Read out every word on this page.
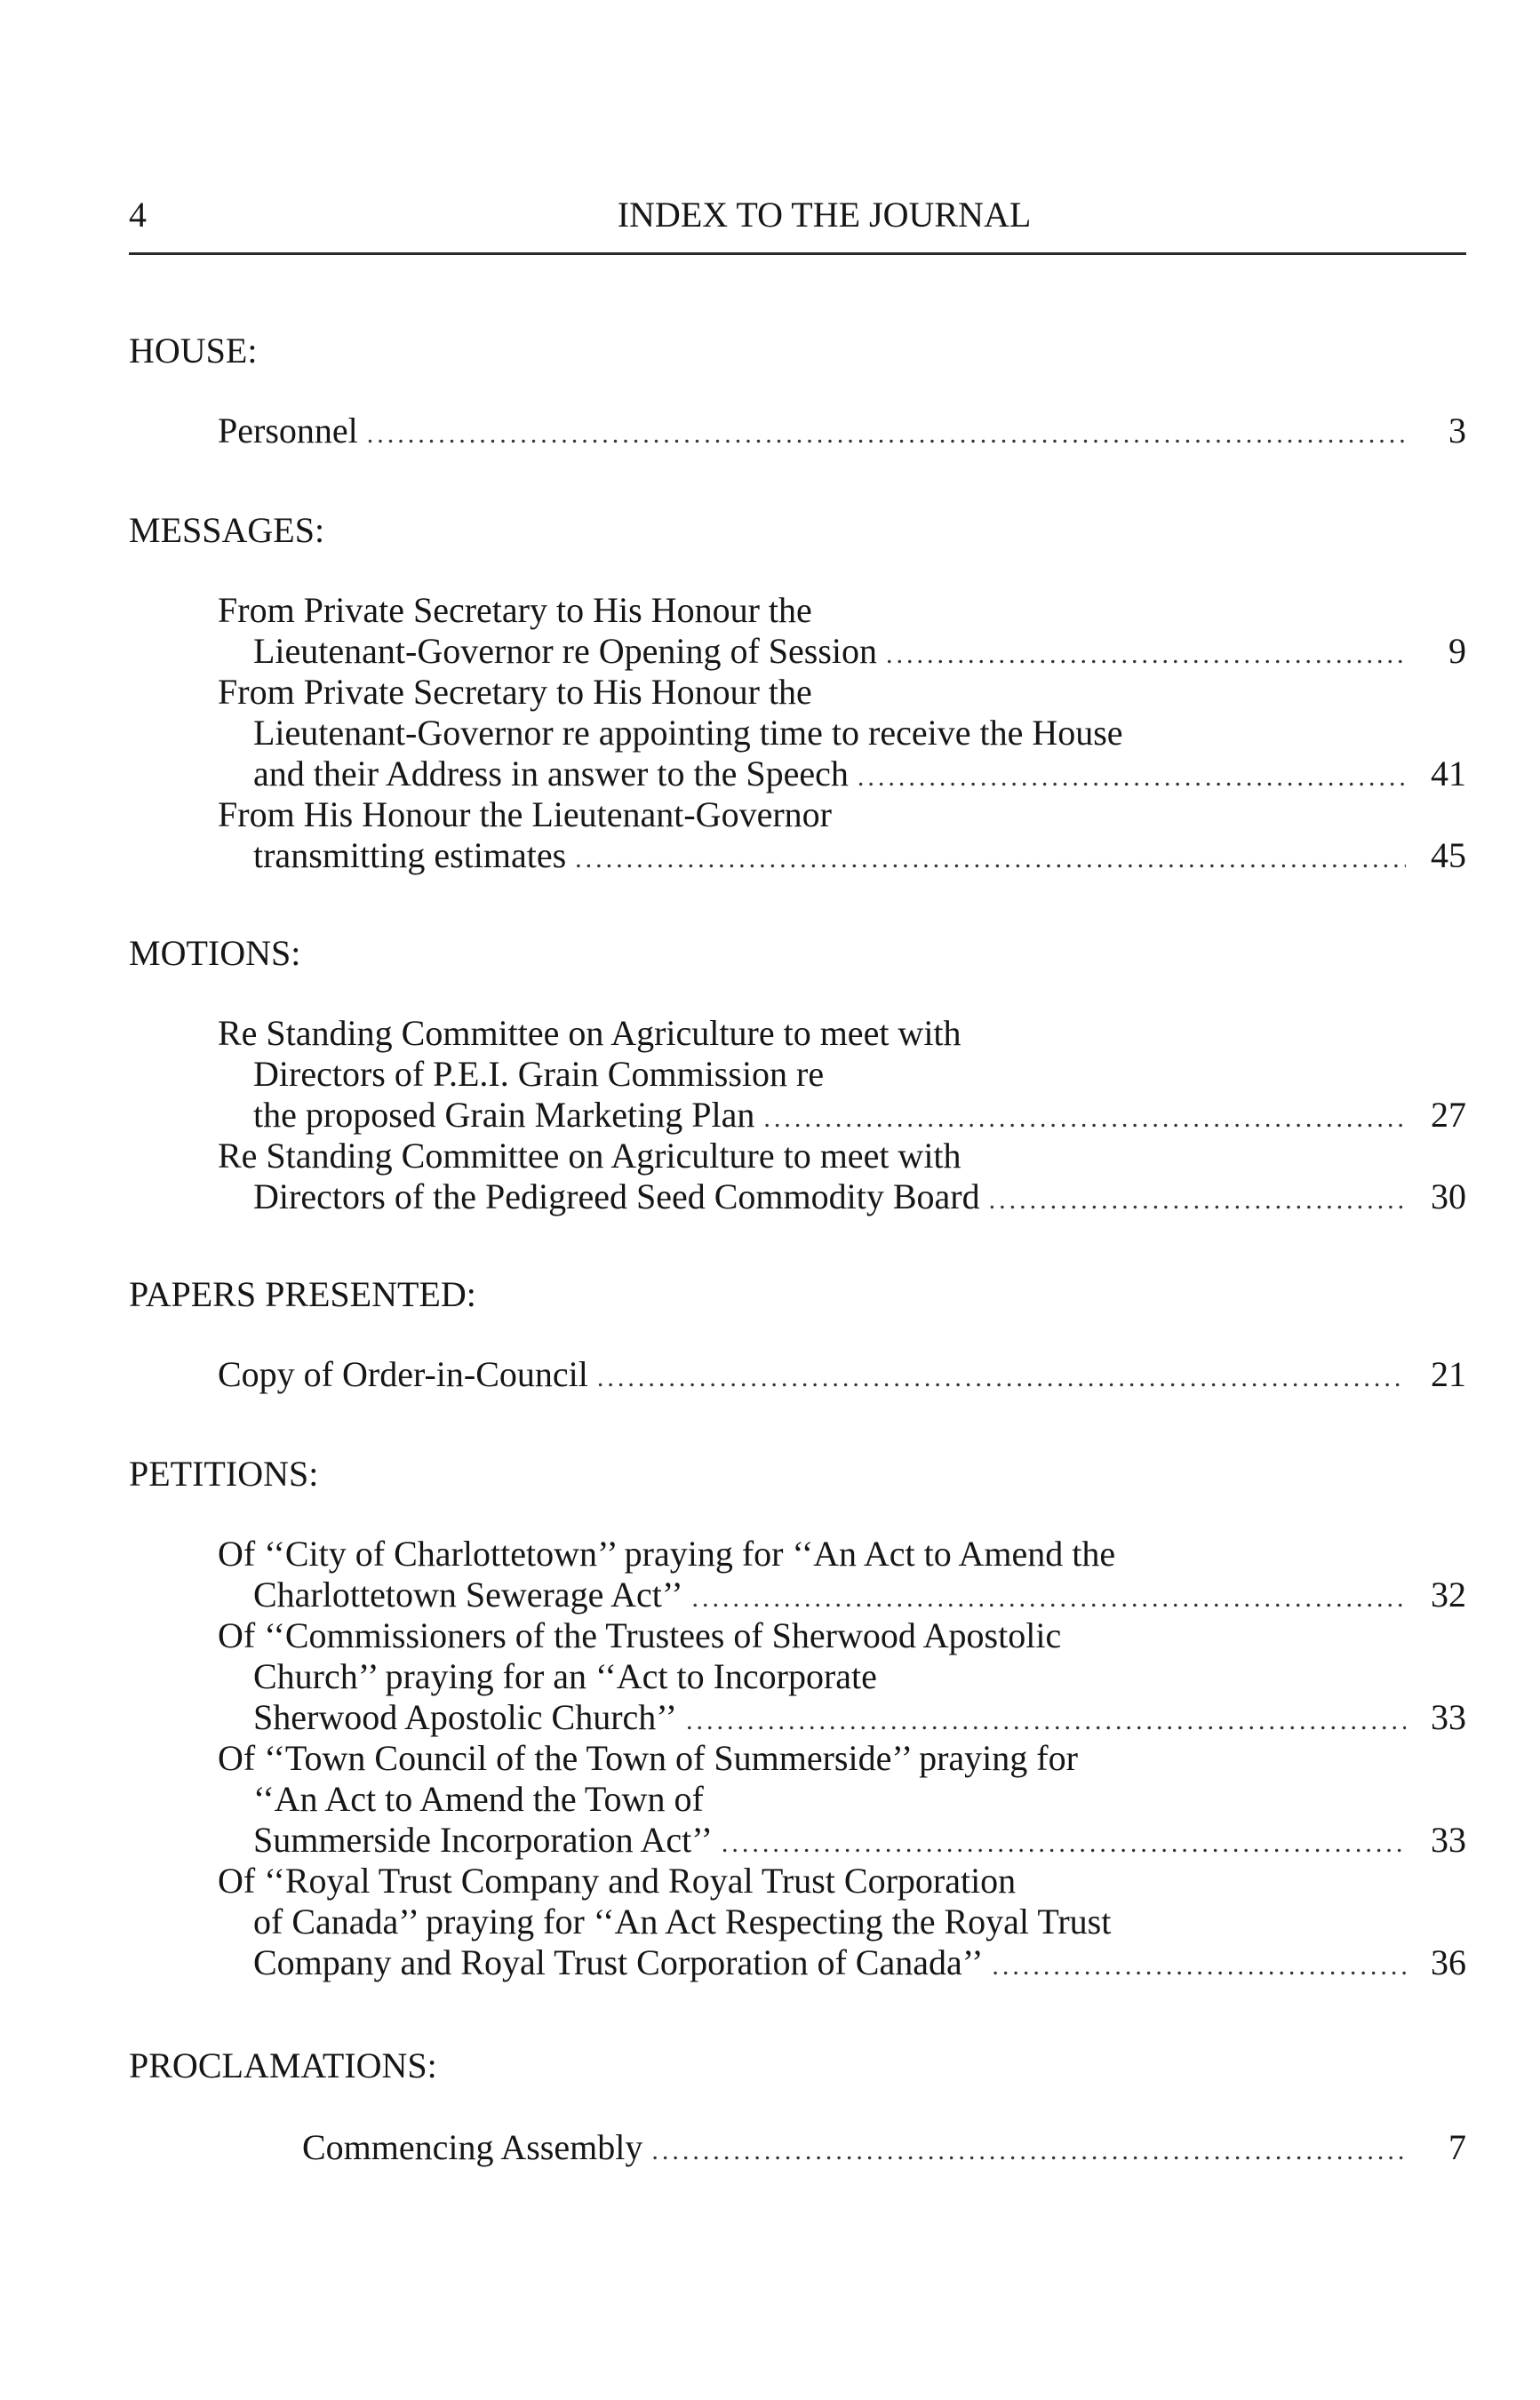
4	INDEX TO THE JOURNAL
HOUSE:
Personnel .....	3
MESSAGES:
From Private Secretary to His Honour the
Lieutenant-Governor re Opening of Session .....	9
From Private Secretary to His Honour the
Lieutenant-Governor re appointing time to receive the House
and their Address in answer to the Speech .....	41
From His Honour the Lieutenant-Governor
transmitting estimates .....	45
MOTIONS:
Re Standing Committee on Agriculture to meet with
Directors of P.E.I. Grain Commission re
the proposed Grain Marketing Plan .....	27
Re Standing Committee on Agriculture to meet with
Directors of the Pedigreed Seed Commodity Board .....	30
PAPERS PRESENTED:
Copy of Order-in-Council .....	21
PETITIONS:
Of ‘‘City of Charlottetown’’ praying for ‘‘An Act to Amend the
Charlottetown Sewerage Act’’ .....	32
Of ‘‘Commissioners of the Trustees of Sherwood Apostolic
Church’’ praying for an ‘‘Act to Incorporate
Sherwood Apostolic Church’’ .....	33
Of ‘‘Town Council of the Town of Summerside’’ praying for
‘‘An Act to Amend the Town of
Summerside Incorporation Act’’ .....	33
Of ‘‘Royal Trust Company and Royal Trust Corporation
of Canada’’ praying for ‘‘An Act Respecting the Royal Trust
Company and Royal Trust Corporation of Canada’’ .....	36
PROCLAMATIONS:
Commencing Assembly .....	7
